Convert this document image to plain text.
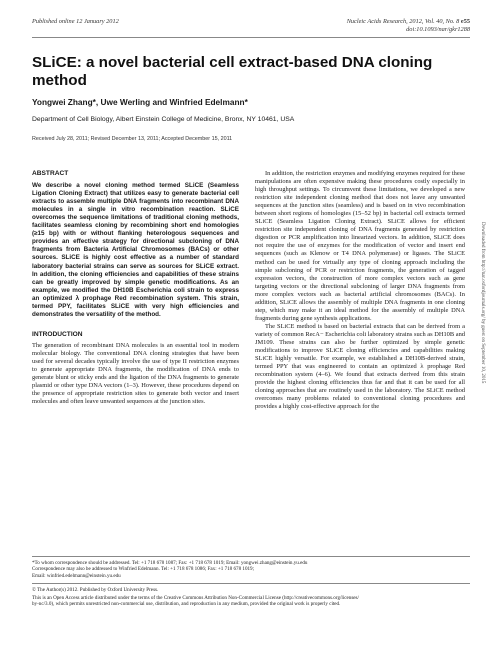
Published online 12 January 2012	Nucleic Acids Research, 2012, Vol. 40, No. 8 e55
doi:10.1093/nar/gkr1288
SLiCE: a novel bacterial cell extract-based DNA cloning method
Yongwei Zhang*, Uwe Werling and Winfried Edelmann*
Department of Cell Biology, Albert Einstein College of Medicine, Bronx, NY 10461, USA
Received July 28, 2011; Revised December 13, 2011; Accepted December 15, 2011
ABSTRACT
We describe a novel cloning method termed SLiCE (Seamless Ligation Cloning Extract) that utilizes easy to generate bacterial cell extracts to assemble multiple DNA fragments into recombinant DNA molecules in a single in vitro recombination reaction. SLiCE overcomes the sequence limitations of traditional cloning methods, facilitates seamless cloning by recombining short end homologies (≥15 bp) with or without flanking heterologous sequences and provides an effective strategy for directional subcloning of DNA fragments from Bacteria Artificial Chromosomes (BACs) or other sources. SLiCE is highly cost effective as a number of standard laboratory bacterial strains can serve as sources for SLiCE extract. In addition, the cloning efficiencies and capabilities of these strains can be greatly improved by simple genetic modifications. As an example, we modified the DH10B Escherichia coli strain to express an optimized λ prophage Red recombination system. This strain, termed PPY, facilitates SLiCE with very high efficiencies and demonstrates the versatility of the method.
INTRODUCTION
The generation of recombinant DNA molecules is an essential tool in modern molecular biology. The conventional DNA cloning strategies that have been used for several decades typically involve the use of type II restriction enzymes to generate appropriate DNA fragments, the modification of DNA ends to generate blunt or sticky ends and the ligation of the DNA fragments to generate plasmid or other type DNA vectors (1–3). However, these procedures depend on the presence of appropriate restriction sites to generate both vector and insert molecules and often leave unwanted sequences at the junction sites.
In addition, the restriction enzymes and modifying enzymes required for these manipulations are often expensive making these procedures costly especially in high throughput settings. To circumvent these limitations, we developed a new restriction site independent cloning method that does not leave any unwanted sequences at the junction sites (seamless) and is based on in vivo recombination between short regions of homologies (15–52 bp) in bacterial cell extracts termed SLiCE (Seamless Ligation Cloning Extract). SLiCE allows for efficient restriction site independent cloning of DNA fragments generated by restriction digestion or PCR amplification into linearized vectors. In addition, SLiCE does not require the use of enzymes for the modification of vector and insert end sequences (such as Klenow or T4 DNA polymerase) or ligases. The SLiCE method can be used for virtually any type of cloning approach including the simple subcloning of PCR or restriction fragments, the generation of tagged expression vectors, the construction of more complex vectors such as gene targeting vectors or the directional subcloning of larger DNA fragments from more complex vectors such as bacterial artificial chromosomes (BACs). In addition, SLiCE allows the assembly of multiple DNA fragments in one cloning step, which may make it an ideal method for the assembly of multiple DNA fragments during gene synthesis applications.
The SLiCE method is based on bacterial extracts that can be derived from a variety of common RecA− Escherichia coli laboratory strains such as DH10B and JM109. These strains can also be further optimized by simple genetic modifications to improve SLiCE cloning efficiencies and capabilities making SLiCE highly versatile. For example, we established a DH10B-derived strain, termed PPY that was engineered to contain an optimized λ prophage Red recombination system (4–6). We found that extracts derived from this strain provide the highest cloning efficiencies thus far and that it can be used for all cloning approaches that are routinely used in the laboratory. The SLiCE method overcomes many problems related to conventional cloning procedures and provides a highly cost-effective approach for the
*To whom correspondence should be addressed. Tel: +1 718 678 1087; Fax: +1 718 678 1019; Email: yongwei.zhang@einstein.yu.edu
Correspondence may also be addressed to Winfried Edelmann. Tel: +1 718 678 1086; Fax: +1 718 678 1019;
Email: winfried.edelmann@einstein.yu.edu
© The Author(s) 2012. Published by Oxford University Press.
This is an Open Access article distributed under the terms of the Creative Commons Attribution Non-Commercial License (http://creativecommons.org/licenses/
by-nc/3.0), which permits unrestricted non-commercial use, distribution, and reproduction in any medium, provided the original work is properly cited.
Downloaded from http://nar.oxfordjournals.org/ by guest on September 10, 2015
